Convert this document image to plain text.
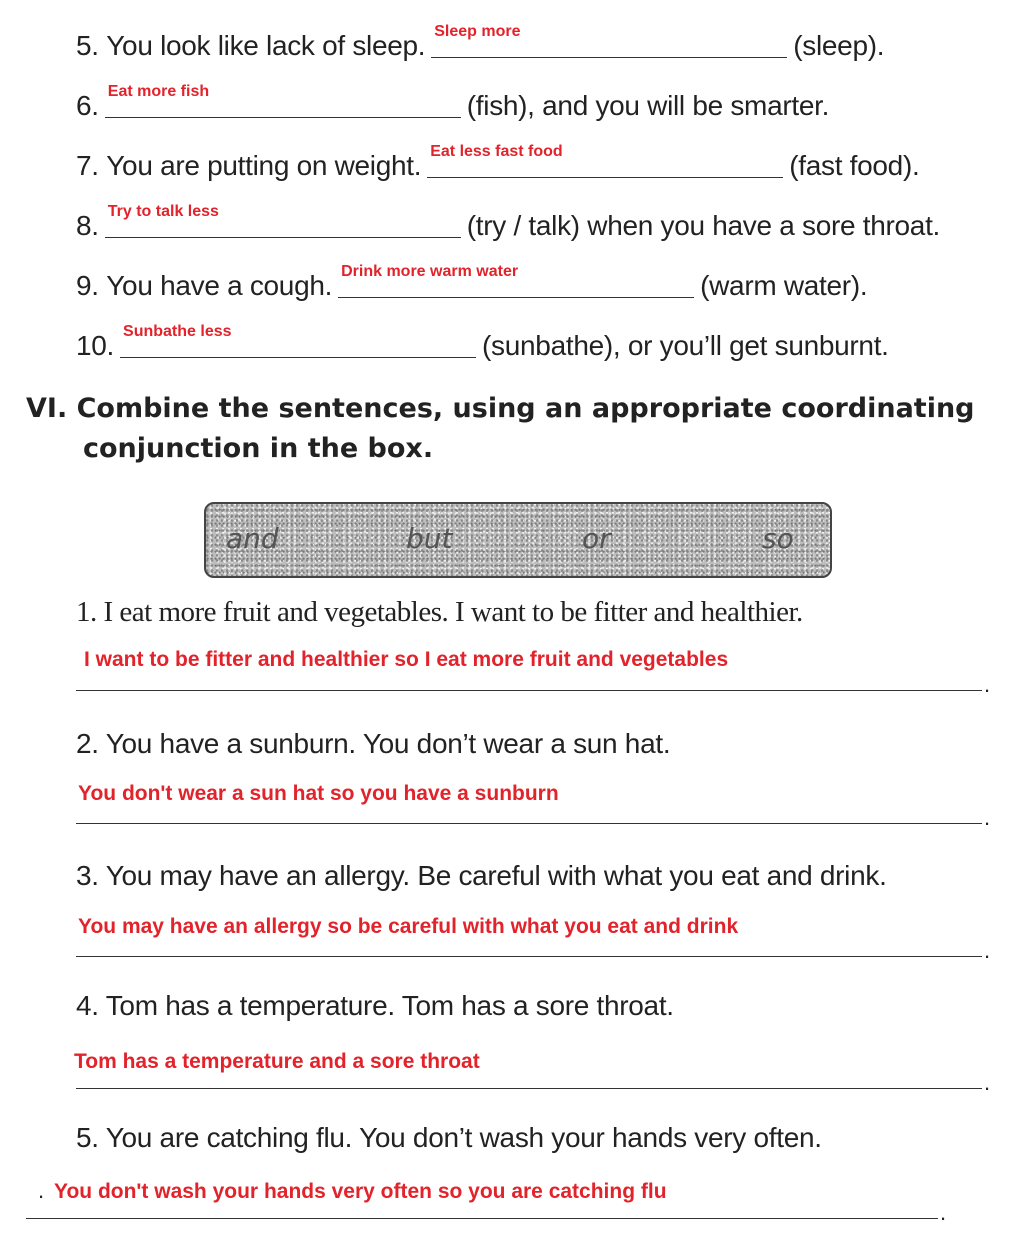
5.
You look like lack of sleep. Sleep more	(sleep).
6. Eat more fish	(fish), and you will be smarter.
7.
You are putting on weight. Eat less fast food	(fast food).
8. Try to talk less	(try / talk) when you have a sore throat.
9.
You have a cough. Drink more warm water	(warm water).
10. Sunbathe less	(sunbathe), or you’ll get sunburnt.
VI. Combine the sentences, using an appropriate coordinating
conjunction in the box.
and	but	or	so
1. I eat more fruit and vegetables. I want to be fitter and healthier.
I want to be fitter and healthier so I eat more fruit and vegetables
.
2. You have a sunburn. You don’t wear a sun hat.
You don't wear a sun hat so you have a sunburn
.
3. You may have an allergy. Be careful with what you eat and drink.
You may have an allergy so be careful with what you eat and drink
.
4. Tom has a temperature. Tom has a sore throat.
Tom has a temperature and a sore throat
.
5. You are catching flu. You don’t wash your hands very often.
. You don't wash your hands very often so you are catching flu
.
